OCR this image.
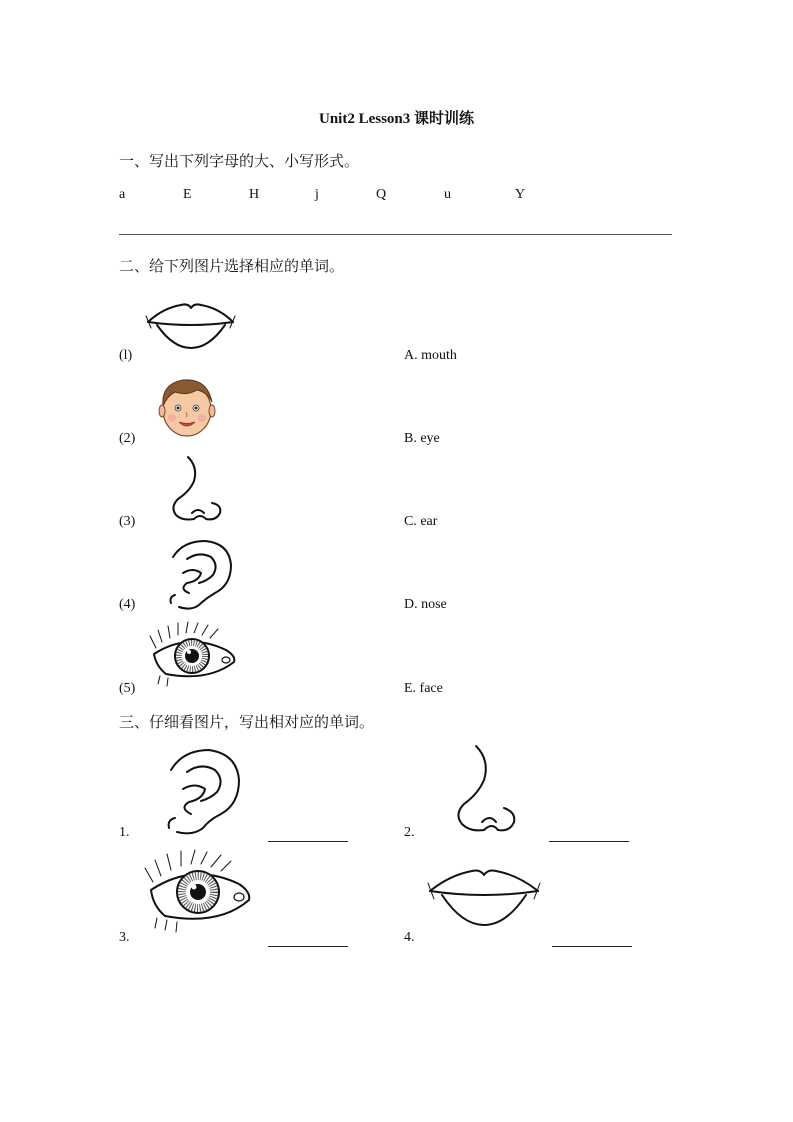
Unit2 Lesson3 课时训练
一、写出下列字母的大、小写形式。
a	E	H	j	Q	u	Y
二、给下列图片选择相应的单词。
(l)	A. mouth
(2)	B. eye
(3)	C. ear
(4)	D. nose
(5)	E. face
三、仔细看图片，写出相对应的单词。
1.	2.
3.	4.
